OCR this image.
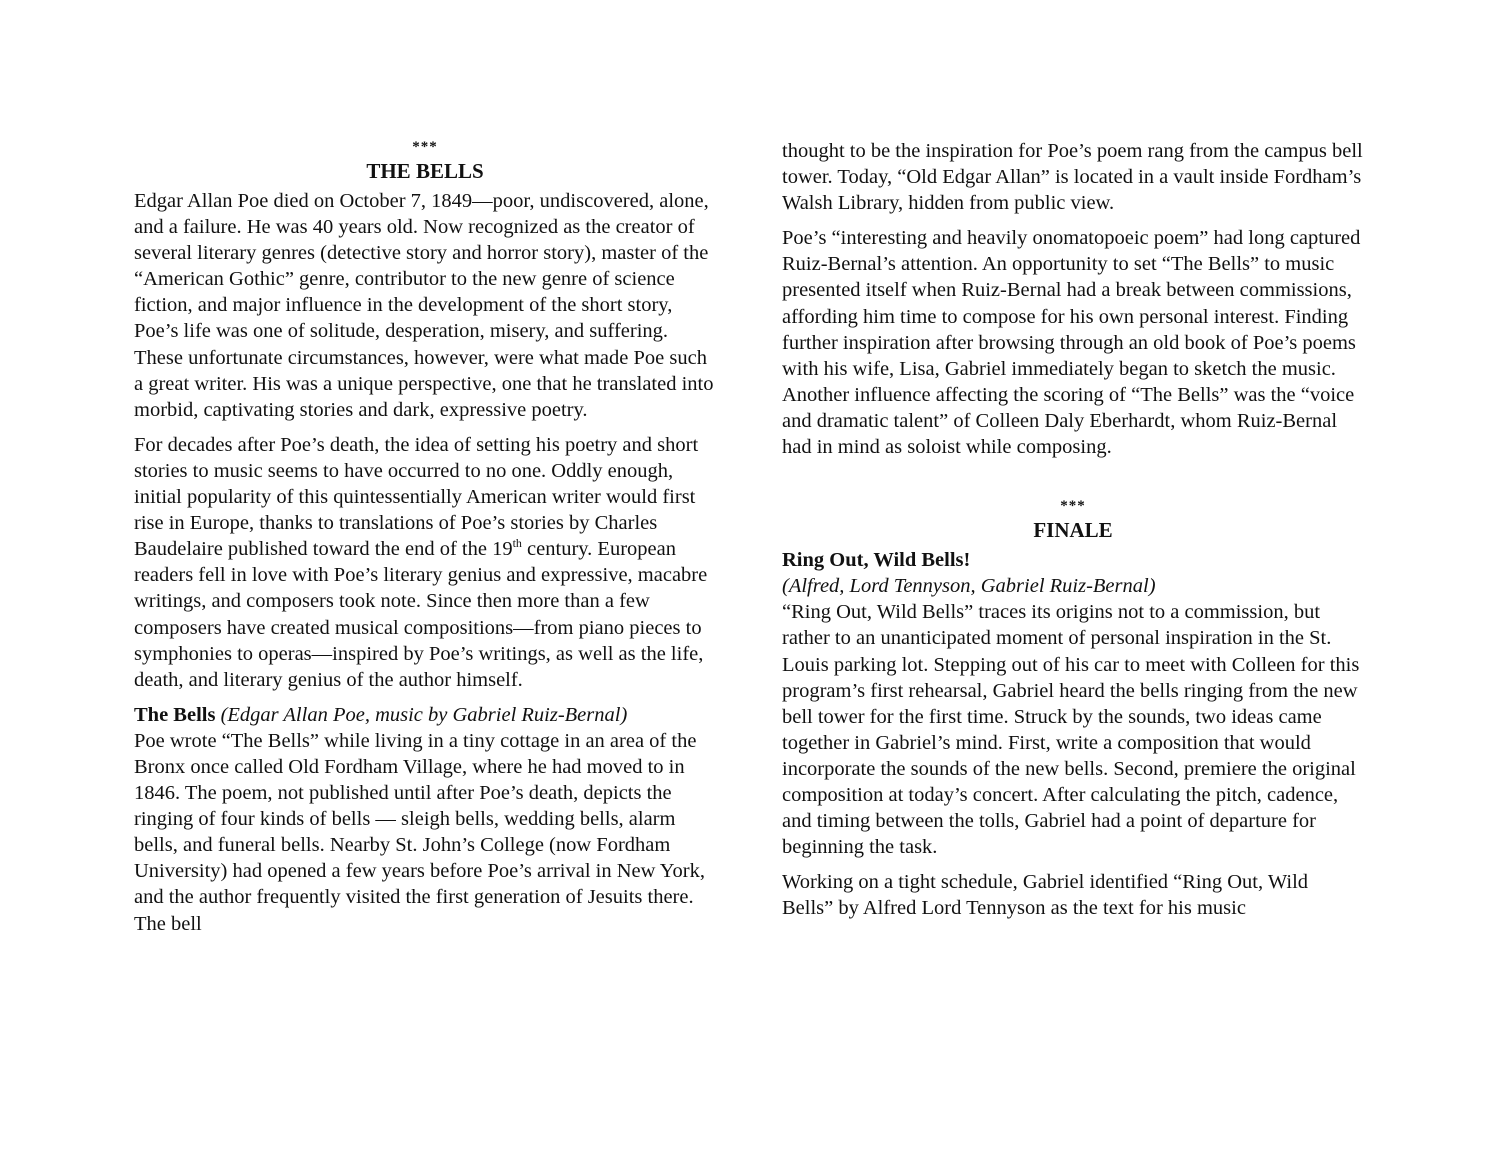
***
THE BELLS

Edgar Allan Poe died on October 7, 1849—poor, undiscovered, alone, and a failure. He was 40 years old. Now recognized as the creator of several literary genres (detective story and horror story), master of the “American Gothic” genre, contributor to the new genre of science fiction, and major influence in the development of the short story, Poe’s life was one of solitude, desperation, misery, and suffering. These unfortunate circumstances, however, were what made Poe such a great writer. His was a unique perspective, one that he translated into morbid, captivating stories and dark, expressive poetry.

For decades after Poe’s death, the idea of setting his poetry and short stories to music seems to have occurred to no one. Oddly enough, initial popularity of this quintessentially American writer would first rise in Europe, thanks to translations of Poe’s stories by Charles Baudelaire published toward the end of the 19th century. European readers fell in love with Poe’s literary genius and expressive, macabre writings, and composers took note. Since then more than a few composers have created musical compositions—from piano pieces to symphonies to operas—inspired by Poe’s writings, as well as the life, death, and literary genius of the author himself.

The Bells (Edgar Allan Poe, music by Gabriel Ruiz-Bernal)

Poe wrote “The Bells” while living in a tiny cottage in an area of the Bronx once called Old Fordham Village, where he had moved to in 1846. The poem, not published until after Poe’s death, depicts the ringing of four kinds of bells — sleigh bells, wedding bells, alarm bells, and funeral bells. Nearby St. John’s College (now Fordham University) had opened a few years before Poe’s arrival in New York, and the author frequently visited the first generation of Jesuits there. The bell

thought to be the inspiration for Poe’s poem rang from the campus bell tower. Today, “Old Edgar Allan” is located in a vault inside Fordham’s Walsh Library, hidden from public view.

Poe’s “interesting and heavily onomatopoeic poem” had long captured Ruiz-Bernal’s attention. An opportunity to set “The Bells” to music presented itself when Ruiz-Bernal had a break between commissions, affording him time to compose for his own personal interest. Finding further inspiration after browsing through an old book of Poe’s poems with his wife, Lisa, Gabriel immediately began to sketch the music. Another influence affecting the scoring of “The Bells” was the “voice and dramatic talent” of Colleen Daly Eberhardt, whom Ruiz-Bernal had in mind as soloist while composing.

***
FINALE
Ring Out, Wild Bells!
(Alfred, Lord Tennyson, Gabriel Ruiz-Bernal)

“Ring Out, Wild Bells” traces its origins not to a commission, but rather to an unanticipated moment of personal inspiration in the St. Louis parking lot. Stepping out of his car to meet with Colleen for this program’s first rehearsal, Gabriel heard the bells ringing from the new bell tower for the first time. Struck by the sounds, two ideas came together in Gabriel’s mind. First, write a composition that would incorporate the sounds of the new bells. Second, premiere the original composition at today’s concert. After calculating the pitch, cadence, and timing between the tolls, Gabriel had a point of departure for beginning the task.

Working on a tight schedule, Gabriel identified “Ring Out, Wild Bells” by Alfred Lord Tennyson as the text for his music
